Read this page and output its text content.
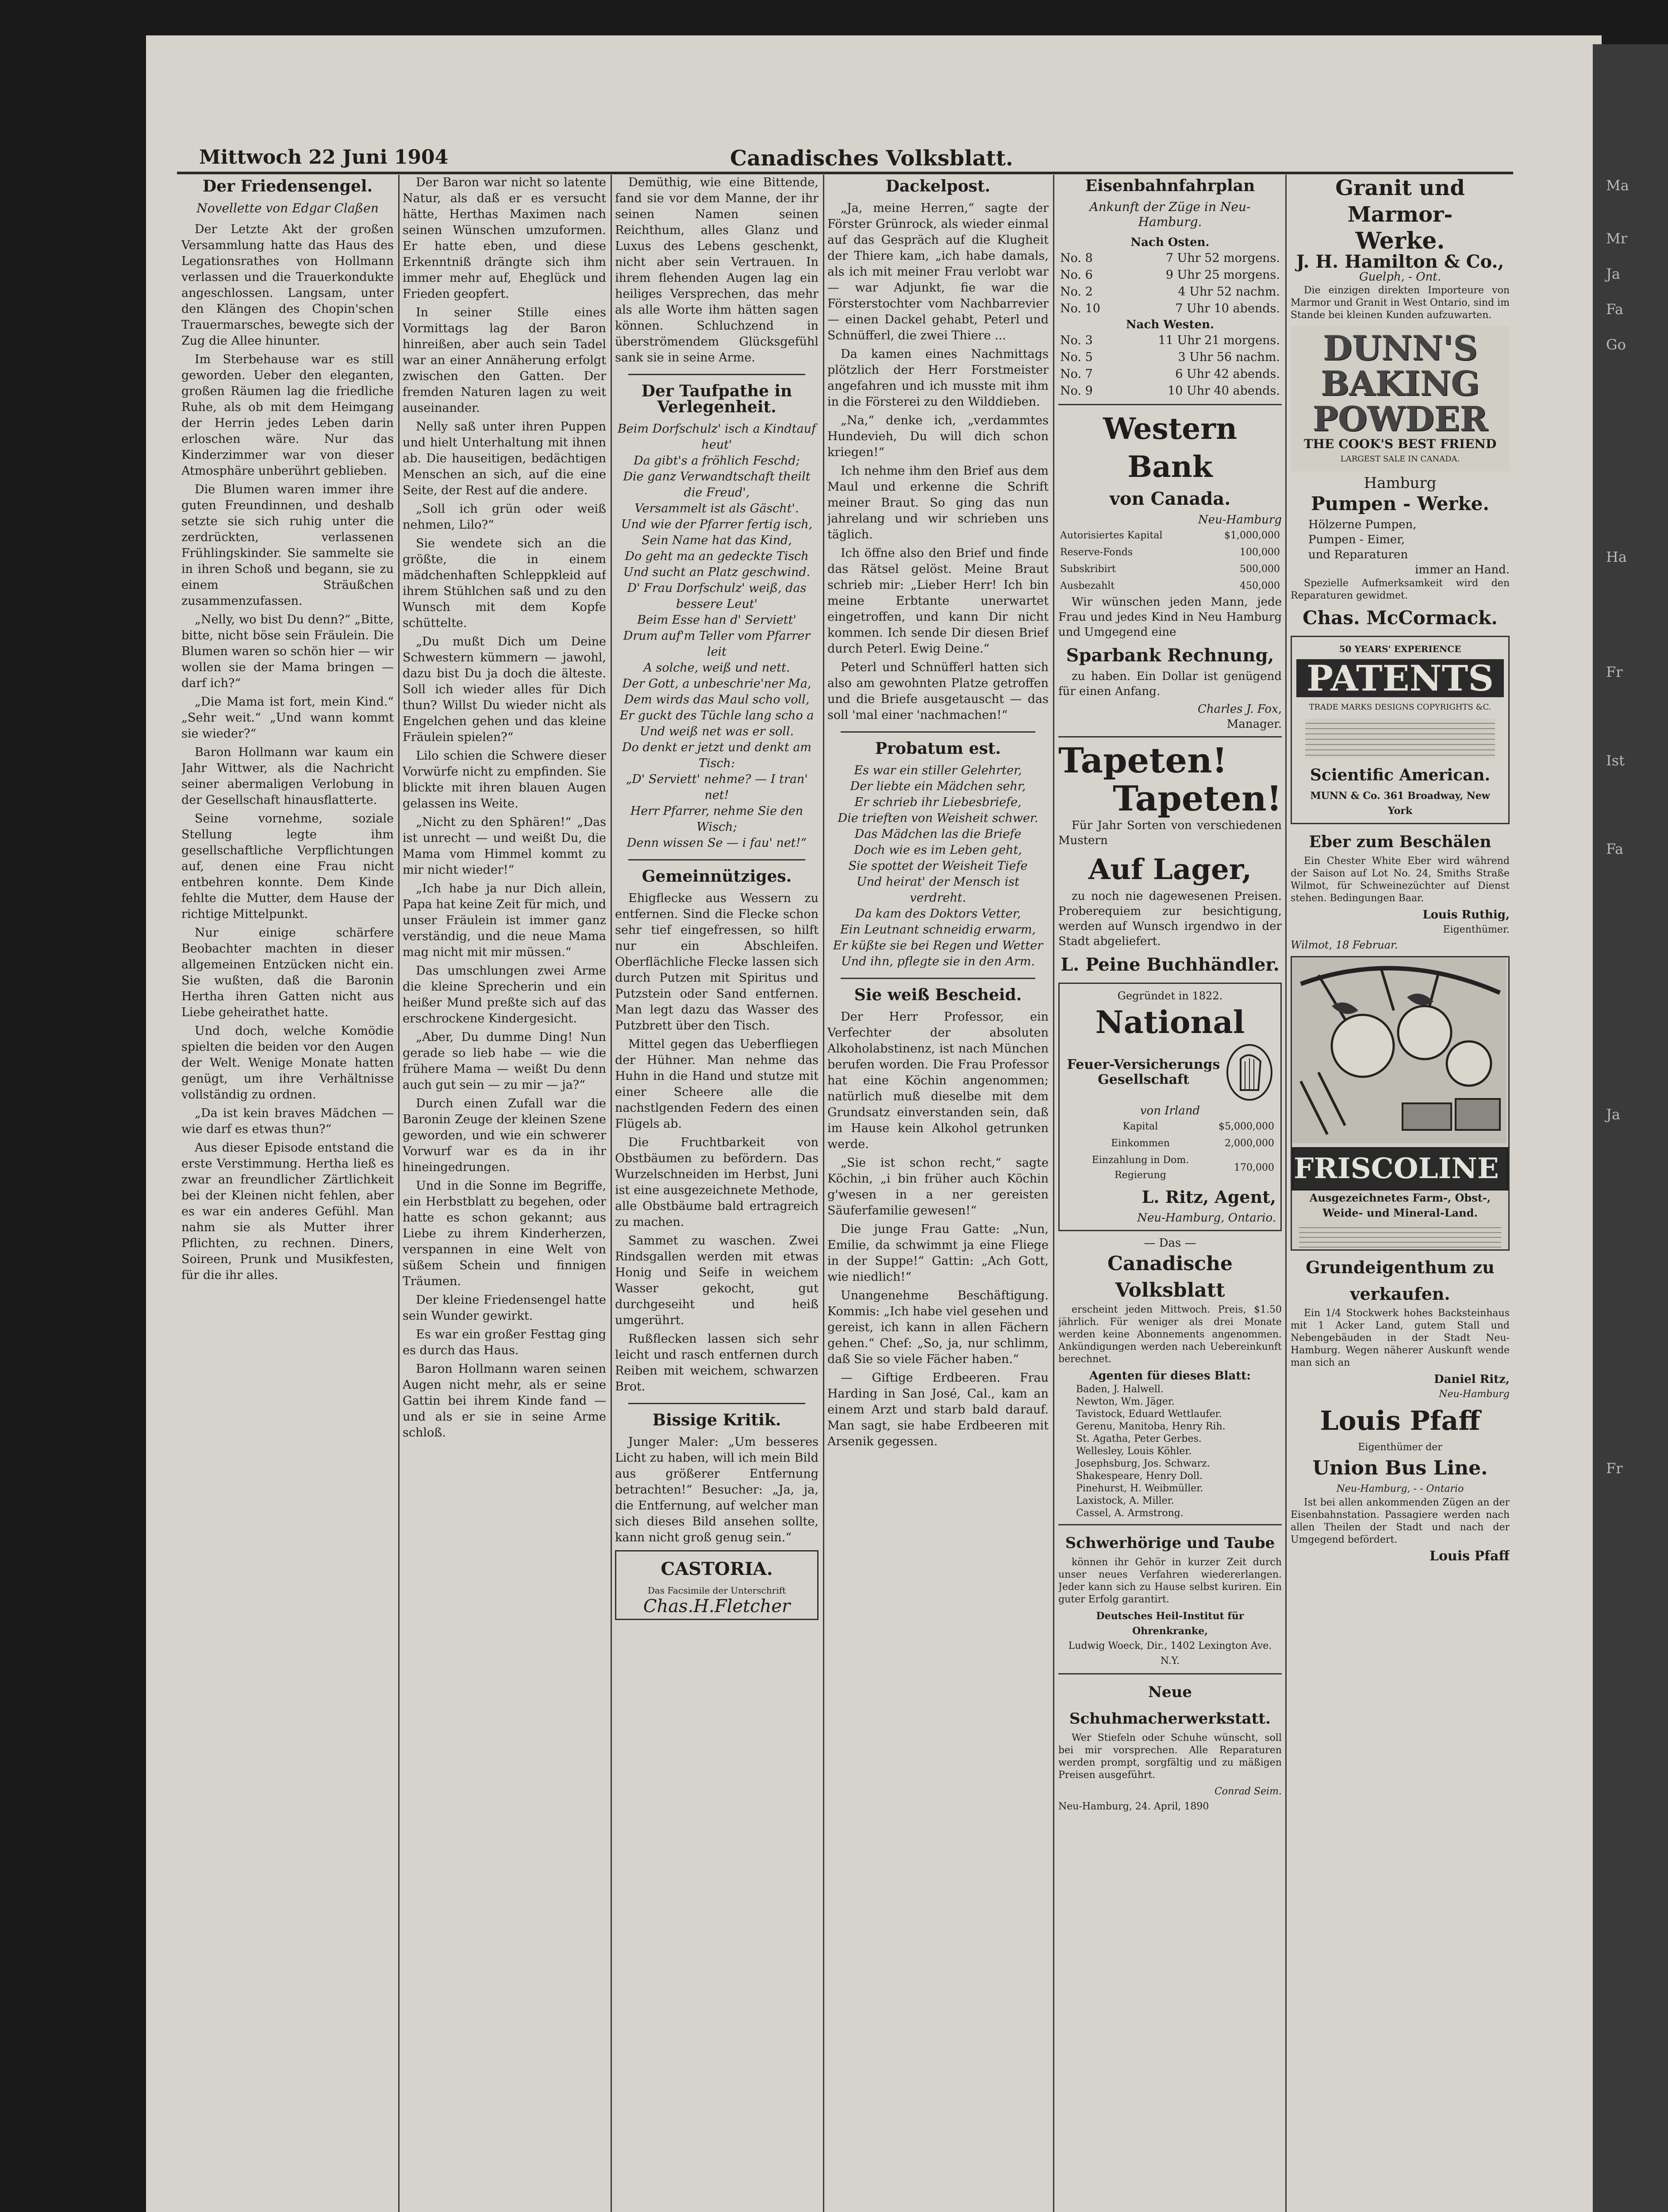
Ma
Mr
Ja
Fa
Go
Ha
Fr
Ist
Fa
Ja
Fr
Mittwoch 22 Juni 1904	Canadisches Volksblatt.
Der Friedensengel.
Novellette von Edgar Claßen

Der Letzte Akt der großen Versammlung hatte das Haus des Legationsrathes von Hollmann verlassen und die Trauerkondukte angeschlossen. Langsam, unter den Klängen des Chopin'schen Trauermarsches, bewegte sich der Zug die Allee hinunter.

Im Sterbehause war es still geworden. Ueber den eleganten, großen Räumen lag die friedliche Ruhe, als ob mit dem Heimgang der Herrin jedes Leben darin erloschen wäre. Nur das Kinderzimmer war von dieser Atmosphäre unberührt geblieben.

Die Blumen waren immer ihre guten Freundinnen, und deshalb setzte sie sich ruhig unter die zerdrückten, verlassenen Frühlingskinder. Sie sammelte sie in ihren Schoß und begann, sie zu einem Sträußchen zusammenzufassen.

„Nelly, wo bist Du denn?“ „Bitte, bitte, nicht böse sein Fräulein. Die Blumen waren so schön hier — wir wollen sie der Mama bringen — darf ich?“

„Die Mama ist fort, mein Kind.“ „Sehr weit.“ „Und wann kommt sie wieder?“

Baron Hollmann war kaum ein Jahr Wittwer, als die Nachricht seiner abermaligen Verlobung in der Gesellschaft hinausflatterte.

Seine vornehme, soziale Stellung legte ihm gesellschaftliche Verpflichtungen auf, denen eine Frau nicht entbehren konnte. Dem Kinde fehlte die Mutter, dem Hause der richtige Mittelpunkt.

Nur einige schärfere Beobachter machten in dieser allgemeinen Entzücken nicht ein. Sie wußten, daß die Baronin Hertha ihren Gatten nicht aus Liebe geheirathet hatte.

Und doch, welche Komödie spielten die beiden vor den Augen der Welt. Wenige Monate hatten genügt, um ihre Verhältnisse vollständig zu ordnen.

„Da ist kein braves Mädchen — wie darf es etwas thun?“

Aus dieser Episode entstand die erste Verstimmung. Hertha ließ es zwar an freundlicher Zärtlichkeit bei der Kleinen nicht fehlen, aber es war ein anderes Gefühl. Man nahm sie als Mutter ihrer Pflichten, zu rechnen. Diners, Soireen, Prunk und Musikfesten, für die ihr alles.

Der Baron war nicht so latente Natur, als daß er es versucht hätte, Herthas Maximen nach seinen Wünschen umzuformen. Er hatte eben, und diese Erkenntniß drängte sich ihm immer mehr auf, Eheglück und Frieden geopfert.

In seiner Stille eines Vormittags lag der Baron hinreißen, aber auch sein Tadel war an einer Annäherung erfolgt zwischen den Gatten. Der fremden Naturen lagen zu weit auseinander.

Nelly saß unter ihren Puppen und hielt Unterhaltung mit ihnen ab. Die hauseitigen, bedächtigen Menschen an sich, auf die eine Seite, der Rest auf die andere.

„Soll ich grün oder weiß nehmen, Lilo?“

Sie wendete sich an die größte, die in einem mädchenhaften Schleppkleid auf ihrem Stühlchen saß und zu den Wunsch mit dem Kopfe schüttelte.

„Du mußt Dich um Deine Schwestern kümmern — jawohl, dazu bist Du ja doch die älteste. Soll ich wieder alles für Dich thun? Willst Du wieder nicht als Engelchen gehen und das kleine Fräulein spielen?“

Lilo schien die Schwere dieser Vorwürfe nicht zu empfinden. Sie blickte mit ihren blauen Augen gelassen ins Weite.

„Nicht zu den Sphären!“ „Das ist unrecht — und weißt Du, die Mama vom Himmel kommt zu mir nicht wieder!“

„Ich habe ja nur Dich allein, Papa hat keine Zeit für mich, und unser Fräulein ist immer ganz verständig, und die neue Mama mag nicht mit mir müssen.“

Das umschlungen zwei Arme die kleine Sprecherin und ein heißer Mund preßte sich auf das erschrockene Kindergesicht.

„Aber, Du dumme Ding! Nun gerade so lieb habe — wie die frühere Mama — weißt Du denn auch gut sein — zu mir — ja?“

Durch einen Zufall war die Baronin Zeuge der kleinen Szene geworden, und wie ein schwerer Vorwurf war es da in ihr hineingedrungen.

Und in die Sonne im Begriffe, ein Herbstblatt zu begehen, oder hatte es schon gekannt; aus Liebe zu ihrem Kinderherzen, verspannen in eine Welt von süßem Schein und finnigen Träumen.

Der kleine Friedensengel hatte sein Wunder gewirkt.

Es war ein großer Festtag ging es durch das Haus.

Baron Hollmann waren seinen Augen nicht mehr, als er seine Gattin bei ihrem Kinde fand — und als er sie in seine Arme schloß.

Demüthig, wie eine Bittende, fand sie vor dem Manne, der ihr seinen Namen seinen Reichthum, alles Glanz und Luxus des Lebens geschenkt, nicht aber sein Vertrauen. In ihrem flehenden Augen lag ein heiliges Versprechen, das mehr als alle Worte ihm hätten sagen können. Schluchzend in überströmendem Glücksgefühl sank sie in seine Arme.

Der Taufpathe in Verlegenheit.
Beim Dorfschulz' isch a Kindtauf heut'
Da gibt's a fröhlich Feschd;
Die ganz Verwandtschaft theilt die Freud',
Versammelt ist als Gäscht'.
Und wie der Pfarrer fertig isch,
Sein Name hat das Kind,
Do geht ma an gedeckte Tisch
Und sucht an Platz geschwind.
D' Frau Dorfschulz' weiß, das bessere Leut'
Beim Esse han d' Serviett'
Drum auf'm Teller vom Pfarrer leit
A solche, weiß und nett.
Der Gott, a unbeschrie'ner Ma,
Dem wirds das Maul scho voll,
Er guckt des Tüchle lang scho a
Und weiß net was er soll.
Do denkt er jetzt und denkt am Tisch:
„D' Serviett' nehme? — I tran' net!
Herr Pfarrer, nehme Sie den Wisch;
Denn wissen Se — i fau' net!“
Gemeinnütziges.

Ehigflecke aus Wessern zu entfernen. Sind die Flecke schon sehr tief eingefressen, so hilft nur ein Abschleifen. Oberflächliche Flecke lassen sich durch Putzen mit Spiritus und Putzstein oder Sand entfernen. Man legt dazu das Wasser des Putzbrett über den Tisch.

Mittel gegen das Ueberfliegen der Hühner. Man nehme das Huhn in die Hand und stutze mit einer Scheere alle die nachstlgenden Federn des einen Flügels ab.

Die Fruchtbarkeit von Obstbäumen zu befördern. Das Wurzelschneiden im Herbst, Juni ist eine ausgezeichnete Methode, alle Obstbäume bald ertragreich zu machen.

Sammet zu waschen. Zwei Rindsgallen werden mit etwas Honig und Seife in weichem Wasser gekocht, gut durchgeseiht und heiß umgerührt.

Rußflecken lassen sich sehr leicht und rasch entfernen durch Reiben mit weichem, schwarzen Brot.

Bissige Kritik.

Junger Maler: „Um besseres Licht zu haben, will ich mein Bild aus größerer Entfernung betrachten!“ Besucher: „Ja, ja, die Entfernung, auf welcher man sich dieses Bild ansehen sollte, kann nicht groß genug sein.“

CASTORIA.
Das Facsimile der Unterschrift
Chas.H.Fletcher
Dackelpost.

„Ja, meine Herren,“ sagte der Förster Grünrock, als wieder einmal auf das Gespräch auf die Klugheit der Thiere kam, „ich habe damals, als ich mit meiner Frau verlobt war — war Adjunkt, fie war die Försterstochter vom Nachbarrevier — einen Dackel gehabt, Peterl und Schnüfferl, die zwei Thiere ...

Da kamen eines Nachmittags plötzlich der Herr Forstmeister angefahren und ich musste mit ihm in die Försterei zu den Wilddieben.

„Na,“ denke ich, „verdammtes Hundevieh, Du will dich schon kriegen!“

Ich nehme ihm den Brief aus dem Maul und erkenne die Schrift meiner Braut. So ging das nun jahrelang und wir schrieben uns täglich.

Ich öffne also den Brief und finde das Rätsel gelöst. Meine Braut schrieb mir: „Lieber Herr! Ich bin meine Erbtante unerwartet eingetroffen, und kann Dir nicht kommen. Ich sende Dir diesen Brief durch Peterl. Ewig Deine.“

Peterl und Schnüfferl hatten sich also am gewohnten Platze getroffen und die Briefe ausgetauscht — das soll 'mal einer 'nachmachen!“

Probatum est.
Es war ein stiller Gelehrter,
Der liebte ein Mädchen sehr,
Er schrieb ihr Liebesbriefe,
Die trieften von Weisheit schwer.
Das Mädchen las die Briefe
Doch wie es im Leben geht,
Sie spottet der Weisheit Tiefe
Und heirat' der Mensch ist verdreht.
Da kam des Doktors Vetter,
Ein Leutnant schneidig erwarm,
Er küßte sie bei Regen und Wetter
Und ihn, pflegte sie in den Arm.
Sie weiß Bescheid.

Der Herr Professor, ein Verfechter der absoluten Alkoholabstinenz, ist nach München berufen worden. Die Frau Professor hat eine Köchin angenommen; natürlich muß dieselbe mit dem Grundsatz einverstanden sein, daß im Hause kein Alkohol getrunken werde.

„Sie ist schon recht,“ sagte Köchin, „i bin früher auch Köchin g'wesen in a ner gereisten Säuferfamilie gewesen!“

Die junge Frau Gatte: „Nun, Emilie, da schwimmt ja eine Fliege in der Suppe!“ Gattin: „Ach Gott, wie niedlich!“

Unangenehme Beschäftigung. Kommis: „Ich habe viel gesehen und gereist, ich kann in allen Fächern gehen.“ Chef: „So, ja, nur schlimm, daß Sie so viele Fächer haben.“

— Giftige Erdbeeren. Frau Harding in San José, Cal., kam an einem Arzt und starb bald darauf. Man sagt, sie habe Erdbeeren mit Arsenik gegessen.

Eisenbahnfahrplan
Ankunft der Züge in Neu-Hamburg.
Nach Osten.
No. 8	7 Uhr 52 morgens.
No. 6	9 Uhr 25 morgens.
No. 2	4 Uhr 52 nachm.
No. 10	7 Uhr 10 abends.
Nach Westen.
No. 3	11 Uhr 21 morgens.
No. 5	3 Uhr 56 nachm.
No. 7	6 Uhr 42 abends.
No. 9	10 Uhr 40 abends.
Western Bank
von Canada.
Neu-Hamburg
Autorisiertes Kapital	$1,000,000
Reserve-Fonds	100,000
Subskribirt	500,000
Ausbezahlt	450,000

Wir wünschen jeden Mann, jede Frau und jedes Kind in Neu Hamburg und Umgegend eine

Sparbank Rechnung,

zu haben. Ein Dollar ist genügend für einen Anfang.

Charles J. Fox,
Manager.
Tapeten!
Tapeten!

Für Jahr Sorten von verschiedenen Mustern

Auf Lager,

zu noch nie dagewesenen Preisen. Proberequiem zur besichtigung, werden auf Wunsch irgendwo in der Stadt abgeliefert.

L. Peine Buchhändler.
Gegründet in 1822.
National
Feuer-Versicherungs Gesellschaft
von Irland
Kapital	$5,000,000
Einkommen	2,000,000
Einzahlung in Dom. Regierung	170,000
L. Ritz, Agent,
Neu-Hamburg, Ontario.
— Das —
Canadische Volksblatt

erscheint jeden Mittwoch. Preis, $1.50 jährlich. Für weniger als drei Monate werden keine Abonnements angenommen. Ankündigungen werden nach Uebereinkunft berechnet.

Agenten für dieses Blatt:
Baden, J. Halwell.
Newton, Wm. Jäger.
Tavistock, Eduard Wettlaufer.
Gerenu, Manitoba, Henry Rih.
St. Agatha, Peter Gerbes.
Wellesley, Louis Köhler.
Josephsburg, Jos. Schwarz.
Shakespeare, Henry Doll.
Pinehurst, H. Weibmüller.
Laxistock, A. Miller.
Cassel, A. Armstrong.
Schwerhörige und Taube

können ihr Gehör in kurzer Zeit durch unser neues Verfahren wiedererlangen. Jeder kann sich zu Hause selbst kuriren. Ein guter Erfolg garantirt.

Deutsches Heil-Institut für Ohrenkranke,
Ludwig Woeck, Dir., 1402 Lexington Ave. N.Y.
Neue Schuhmacherwerkstatt.

Wer Stiefeln oder Schuhe wünscht, soll bei mir vorsprechen. Alle Reparaturen werden prompt, sorgfältig und zu mäßigen Preisen ausgeführt.

Conrad Seim.
Neu-Hamburg, 24. April, 1890
Granit und Marmor-
Werke.
J. H. Hamilton & Co.,
Guelph, - Ont.

Die einzigen direkten Importeure von Marmor und Granit in West Ontario, sind im Stande bei kleinen Kunden aufzuwarten.

DUNN'S
BAKING
POWDER
THE COOK'S BEST FRIEND
LARGEST SALE IN CANADA.
Hamburg
Pumpen - Werke.
Hölzerne Pumpen,
Pumpen - Eimer,
und Reparaturen
immer an Hand.

Spezielle Aufmerksamkeit wird den Reparaturen gewidmet.

Chas. McCormack.
50 YEARS' EXPERIENCE
PATENTS
TRADE MARKS DESIGNS COPYRIGHTS &C.
Scientific American.
MUNN & Co. 361 Broadway, New York
Eber zum Beschälen

Ein Chester White Eber wird während der Saison auf Lot No. 24, Smiths Straße Wilmot, für Schweinezüchter auf Dienst stehen. Bedingungen Baar.

Louis Ruthig,
Eigenthümer.
Wilmot, 18 Februar.
FRISCOLINE
Ausgezeichnetes Farm-, Obst-, Weide- und Mineral-Land.
Grundeigenthum zu verkaufen.

Ein 1/4 Stockwerk hohes Backsteinhaus mit 1 Acker Land, gutem Stall und Nebengebäuden in der Stadt Neu-Hamburg. Wegen näherer Auskunft wende man sich an

Daniel Ritz,
Neu-Hamburg
Louis Pfaff
Eigenthümer der
Union Bus Line.
Neu-Hamburg, - - Ontario

Ist bei allen ankommenden Zügen an der Eisenbahnstation. Passagiere werden nach allen Theilen der Stadt und nach der Umgegend befördert.

Louis Pfaff
